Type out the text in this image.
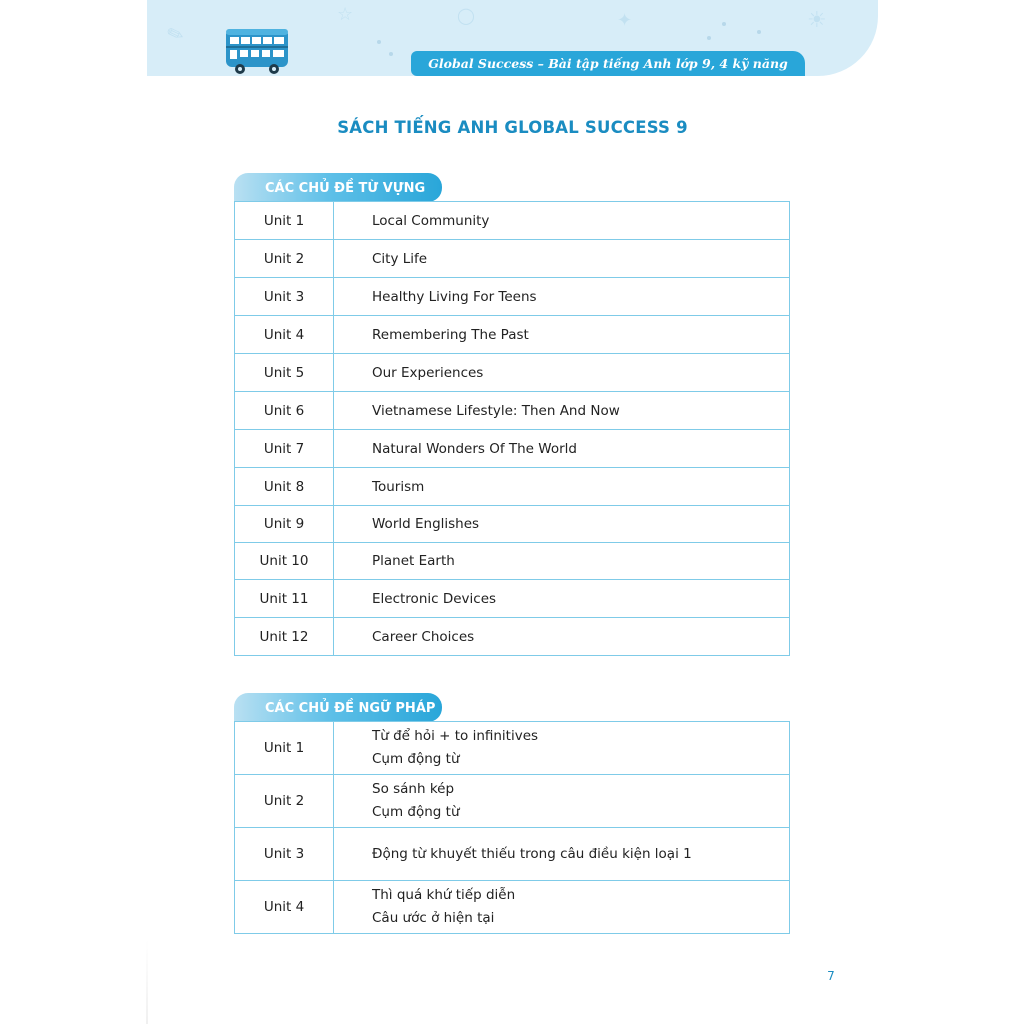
✎
☆	◯	✦	☀
Global Success – Bài tập tiếng Anh lớp 9, 4 kỹ năng (Tập 2)
SÁCH TIẾNG ANH GLOBAL SUCCESS 9
CÁC CHỦ ĐỀ TỪ VỰNG
Unit 1	Local Community
Unit 2	City Life
Unit 3	Healthy Living For Teens
Unit 4	Remembering The Past
Unit 5	Our Experiences
Unit 6	Vietnamese Lifestyle: Then And Now
Unit 7	Natural Wonders Of The World
Unit 8	Tourism
Unit 9	World Englishes
Unit 10	Planet Earth
Unit 11	Electronic Devices
Unit 12	Career Choices
CÁC CHỦ ĐỀ NGỮ PHÁP
Unit 1	Từ để hỏi + to infinitives
Cụm động từ

Unit 2	So sánh kép
Cụm động từ

Unit 3	Động từ khuyết thiếu trong câu điều kiện loại 1

Unit 4	Thì quá khứ tiếp diễn
Câu ước ở hiện tại
7
